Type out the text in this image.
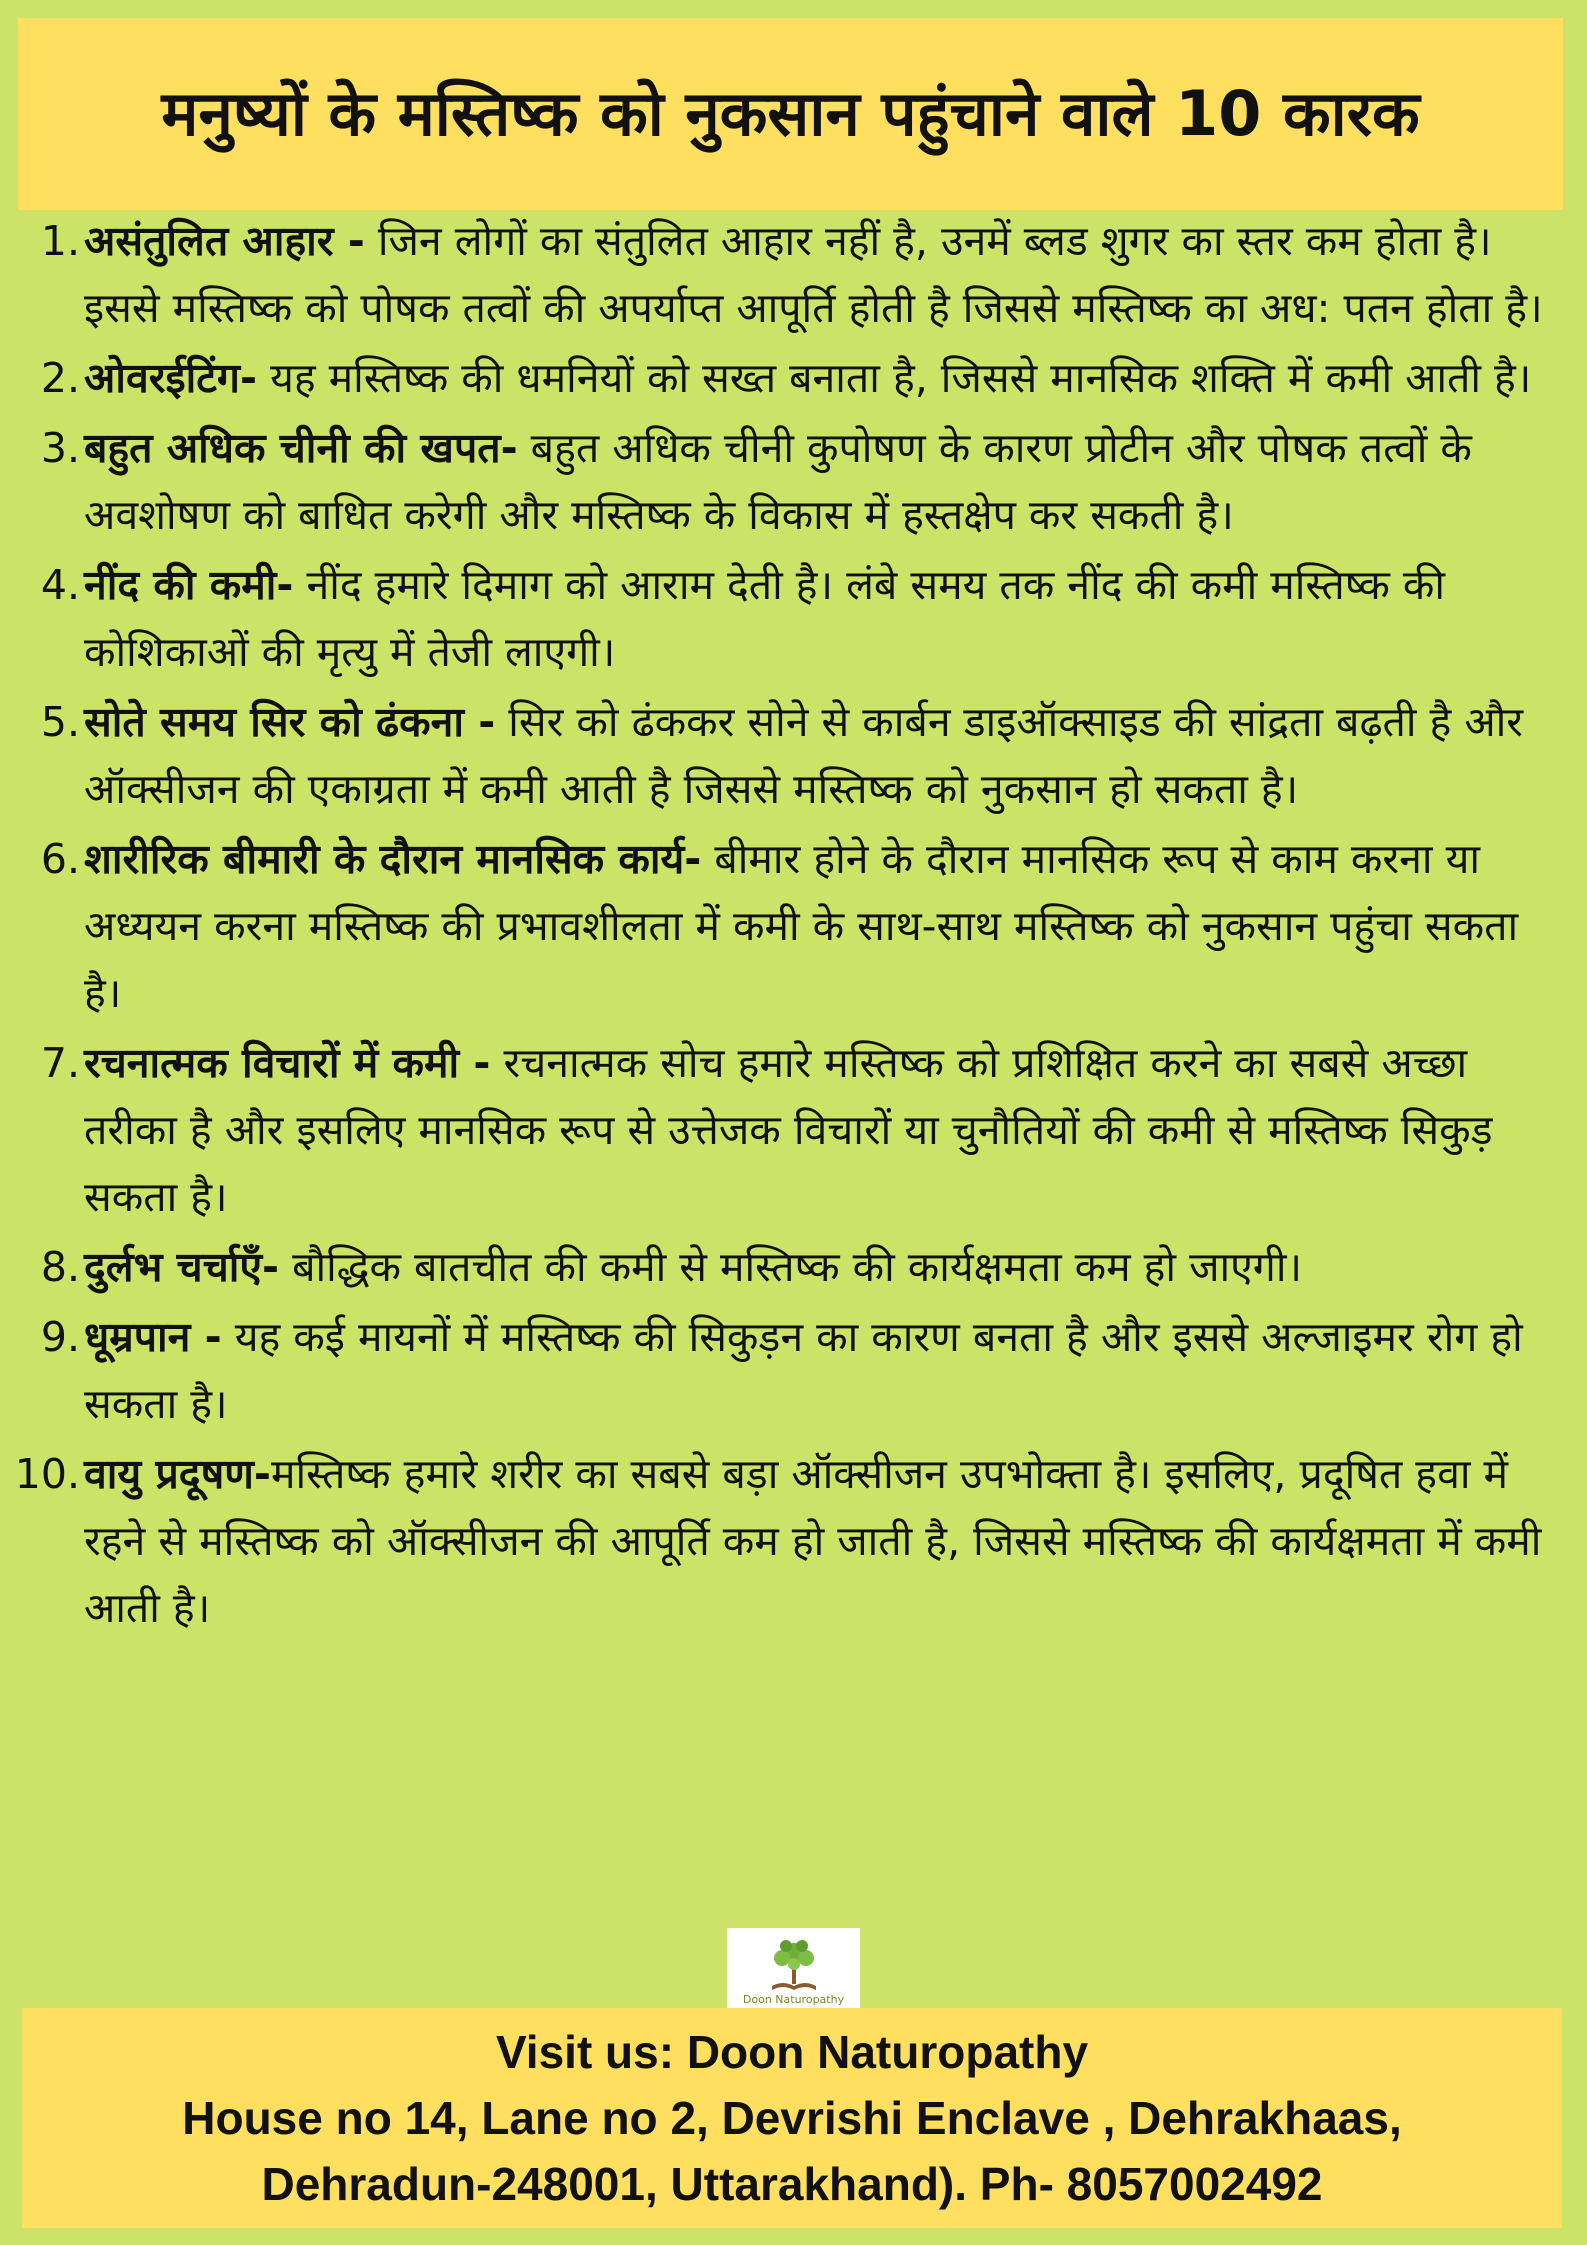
मनुष्यों के मस्तिष्क को नुकसान पहुंचाने वाले 10 कारक
1. असंतुलित आहार - जिन लोगों का संतुलित आहार नहीं है, उनमें ब्लड शुगर का स्तर कम होता है। इससे मस्तिष्क को पोषक तत्वों की अपर्याप्त आपूर्ति होती है जिससे मस्तिष्क का अध: पतन होता है।
2. ओवरईटिंग- यह मस्तिष्क की धमनियों को सख्त बनाता है, जिससे मानसिक शक्ति में कमी आती है।
3. बहुत अधिक चीनी की खपत- बहुत अधिक चीनी कुपोषण के कारण प्रोटीन और पोषक तत्वों के अवशोषण को बाधित करेगी और मस्तिष्क के विकास में हस्तक्षेप कर सकती है।
4. नींद की कमी- नींद हमारे दिमाग को आराम देती है। लंबे समय तक नींद की कमी मस्तिष्क की कोशिकाओं की मृत्यु में तेजी लाएगी।
5. सोते समय सिर को ढंकना - सिर को ढंककर सोने से कार्बन डाइऑक्साइड की सांद्रता बढ़ती है और ऑक्सीजन की एकाग्रता में कमी आती है जिससे मस्तिष्क को नुकसान हो सकता है।
6. शारीरिक बीमारी के दौरान मानसिक कार्य- बीमार होने के दौरान मानसिक रूप से काम करना या अध्ययन करना मस्तिष्क की प्रभावशीलता में कमी के साथ-साथ मस्तिष्क को नुकसान पहुंचा सकता है।
7. रचनात्मक विचारों में कमी - रचनात्मक सोच हमारे मस्तिष्क को प्रशिक्षित करने का सबसे अच्छा तरीका है और इसलिए मानसिक रूप से उत्तेजक विचारों या चुनौतियों की कमी से मस्तिष्क सिकुड़ सकता है।
8. दुर्लभ चर्चाएँ- बौद्धिक बातचीत की कमी से मस्तिष्क की कार्यक्षमता कम हो जाएगी।
9. धूम्रपान - यह कई मायनों में मस्तिष्क की सिकुड़न का कारण बनता है और इससे अल्जाइमर रोग हो सकता है।
10. वायु प्रदूषण-मस्तिष्क हमारे शरीर का सबसे बड़ा ऑक्सीजन उपभोक्ता है। इसलिए, प्रदूषित हवा में रहने से मस्तिष्क को ऑक्सीजन की आपूर्ति कम हो जाती है, जिससे मस्तिष्क की कार्यक्षमता में कमी आती है।
Doon Naturopathy
Visit us: Doon Naturopathy
House no 14, Lane no 2, Devrishi Enclave , Dehrakhaas,
Dehradun-248001, Uttarakhand). Ph- 8057002492
